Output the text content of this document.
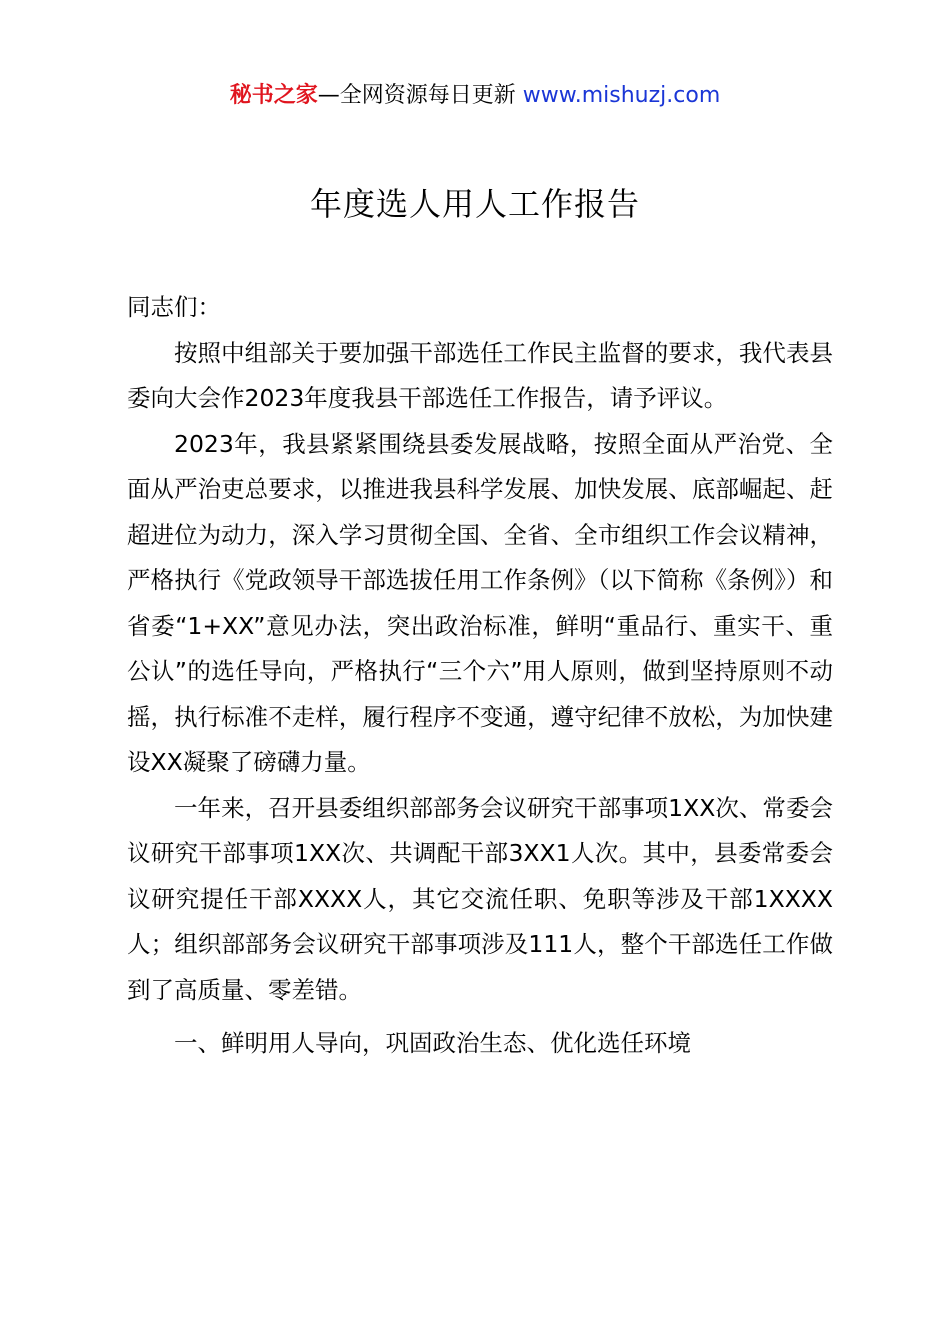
秘书之家—全网资源每日更新 www.mishuzj.com
年度选人用人工作报告

同志们：

按照中组部关于要加强干部选任工作民主监督的要求，我代表县委向大会作2023年度我县干部选任工作报告，请予评议。

2023年，我县紧紧围绕县委发展战略，按照全面从严治党、全面从严治吏总要求，以推进我县科学发展、加快发展、底部崛起、赶超进位为动力，深入学习贯彻全国、全省、全市组织工作会议精神，严格执行《党政领导干部选拔任用工作条例》（以下简称《条例》）和省委“1+XX”意见办法，突出政治标准，鲜明“重品行、重实干、重公认”的选任导向，严格执行“三个六”用人原则，做到坚持原则不动摇，执行标准不走样，履行程序不变通，遵守纪律不放松，为加快建设XX凝聚了磅礴力量。

一年来，召开县委组织部部务会议研究干部事项1XX次、常委会议研究干部事项1XX次、共调配干部3XX1人次。其中，县委常委会议研究提任干部XXXX人，其它交流任职、免职等涉及干部1XXXX人；组织部部务会议研究干部事项涉及111人，整个干部选任工作做到了高质量、零差错。

一、鲜明用人导向，巩固政治生态、优化选任环境
